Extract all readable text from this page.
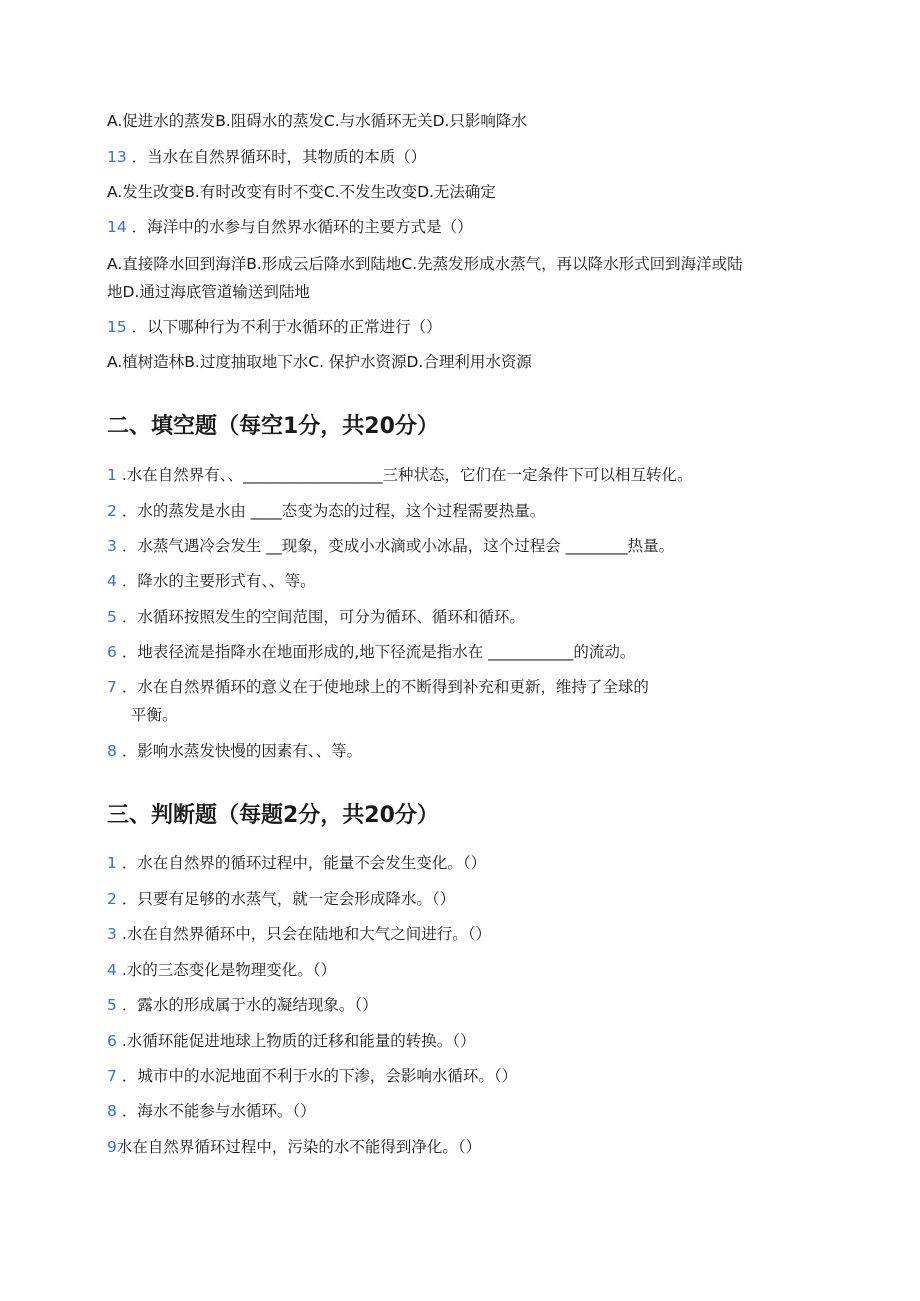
A.促进水的蒸发B.阻碍水的蒸发C.与水循环无关D.只影响降水
13 ．当水在自然界循环时，其物质的本质（）
A.发生改变B.有时改变有时不变C.不发生改变D.无法确定
14 ．海洋中的水参与自然界水循环的主要方式是（）
A.直接降水回到海洋B.形成云后降水到陆地C.先蒸发形成水蒸气，再以降水形式回到海洋或陆
地D.通过海底管道输送到陆地
15 ．以下哪种行为不利于水循环的正常进行（）
A.植树造林B.过度抽取地下水C. 保护水资源D.合理利用水资源
二、填空题（每空1分，共20分）
1 .水在自然界有、、__________________三种状态，它们在一定条件下可以相互转化。
2 ．水的蒸发是水由 ____态变为态的过程，这个过程需要热量。
3 ．水蒸气遇冷会发生 __现象，变成小水滴或小冰晶，这个过程会 ________热量。
4 ．降水的主要形式有、、等。
5 ．水循环按照发生的空间范围，可分为循环、循环和循环。
6 ．地表径流是指降水在地面形成的,地下径流是指水在 ___________的流动。
7 ．水在自然界循环的意义在于使地球上的不断得到补充和更新，维持了全球的
平衡。
8 ．影响水蒸发快慢的因素有、、等。
三、判断题（每题2分，共20分）
1 ．水在自然界的循环过程中，能量不会发生变化。（）
2 ．只要有足够的水蒸气，就一定会形成降水。（）
3 .水在自然界循环中，只会在陆地和大气之间进行。（）
4 .水的三态变化是物理变化。（）
5 ．露水的形成属于水的凝结现象。（）
6 .水循环能促进地球上物质的迁移和能量的转换。（）
7 ．城市中的水泥地面不利于水的下渗，会影响水循环。（）
8 ．海水不能参与水循环。（）
9水在自然界循环过程中，污染的水不能得到净化。（）
